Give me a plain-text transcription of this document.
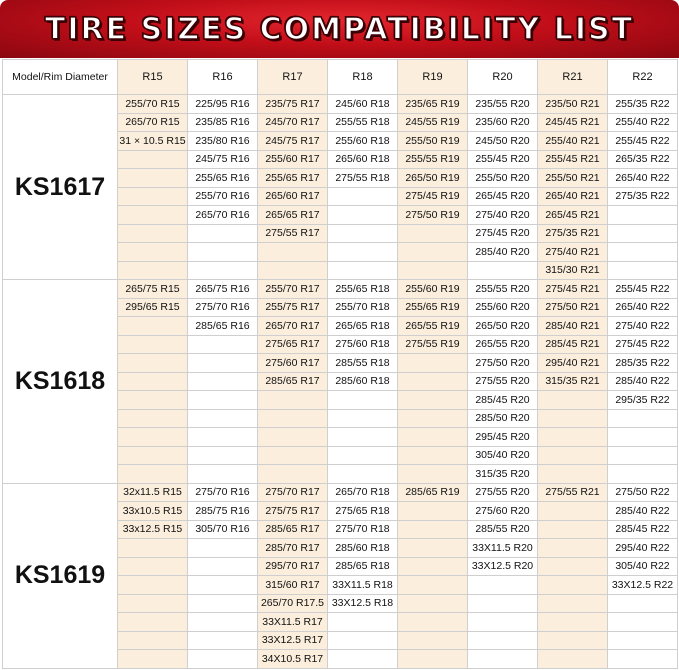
TIRE SIZES COMPATIBILITY LIST
Model/Rim Diameter	R15	R16	R17	R18	R19	R20	R21	R22
KS1617	255/70 R15	225/95 R16	235/75 R17	245/60 R18	235/65 R19	235/55 R20	235/50 R21	255/35 R22
	265/70 R15	235/85 R16	245/70 R17	255/55 R18	245/55 R19	235/60 R20	245/45 R21	255/40 R22
	31 × 10.5 R15	235/80 R16	245/75 R17	255/60 R18	255/50 R19	245/50 R20	255/40 R21	255/45 R22
		245/75 R16	255/60 R17	265/60 R18	255/55 R19	255/45 R20	255/45 R21	265/35 R22
		255/65 R16	255/65 R17	275/55 R18	265/50 R19	255/50 R20	255/50 R21	265/40 R22
		255/70 R16	265/60 R17		275/45 R19	265/45 R20	265/40 R21	275/35 R22
		265/70 R16	265/65 R17		275/50 R19	275/40 R20	265/45 R21	
			275/55 R17			275/45 R20	275/35 R21	
						285/40 R20	275/40 R21	
							315/30 R21	
KS1618	265/75 R15	265/75 R16	255/70 R17	255/65 R18	255/60 R19	255/55 R20	275/45 R21	255/45 R22
	295/65 R15	275/70 R16	255/75 R17	255/70 R18	255/65 R19	255/60 R20	275/50 R21	265/40 R22
		285/65 R16	265/70 R17	265/65 R18	265/55 R19	265/50 R20	285/40 R21	275/40 R22
			275/65 R17	275/60 R18	275/55 R19	265/55 R20	285/45 R21	275/45 R22
			275/60 R17	285/55 R18		275/50 R20	295/40 R21	285/35 R22
			285/65 R17	285/60 R18		275/55 R20	315/35 R21	285/40 R22
						285/45 R20		295/35 R22
						285/50 R20		
						295/45 R20		
						305/40 R20		
						315/35 R20		
KS1619	32x11.5 R15	275/70 R16	275/70 R17	265/70 R18	285/65 R19	275/55 R20	275/55 R21	275/50 R22
	33x10.5 R15	285/75 R16	275/75 R17	275/65 R18		275/60 R20		285/40 R22
	33x12.5 R15	305/70 R16	285/65 R17	275/70 R18		285/55 R20		285/45 R22
			285/70 R17	285/60 R18		33X11.5 R20		295/40 R22
			295/70 R17	285/65 R18		33X12.5 R20		305/40 R22
			315/60 R17	33X11.5 R18				33X12.5 R22
			265/70 R17.5	33X12.5 R18				
			33X11.5 R17					
			33X12.5 R17					
			34X10.5 R17					
